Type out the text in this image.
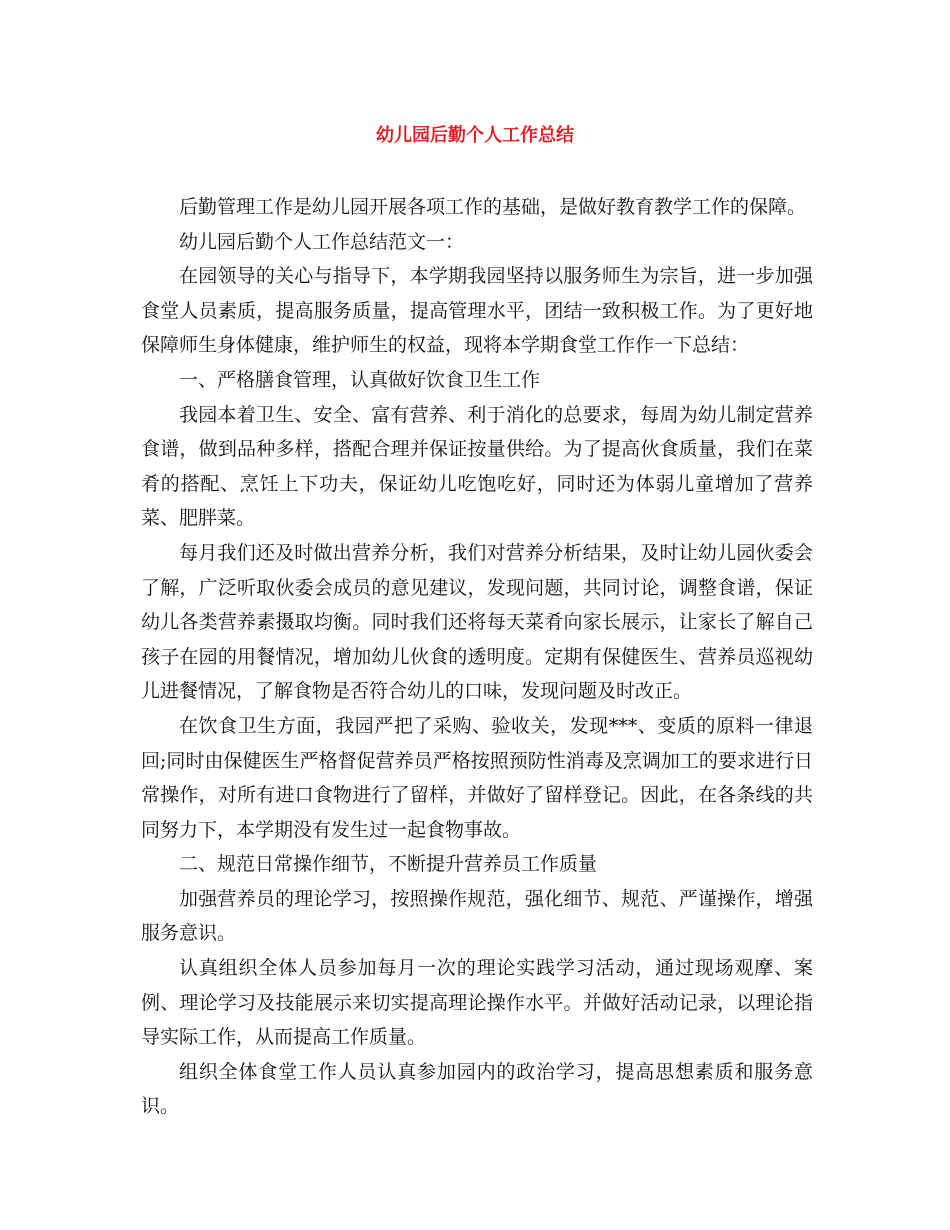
幼儿园后勤个人工作总结

后勤管理工作是幼儿园开展各项工作的基础，是做好教育教学工作的保障。

幼儿园后勤个人工作总结范文一：

在园领导的关心与指导下，本学期我园坚持以服务师生为宗旨，进一步加强食堂人员素质，提高服务质量，提高管理水平，团结一致积极工作。为了更好地保障师生身体健康，维护师生的权益，现将本学期食堂工作作一下总结：

一、严格膳食管理，认真做好饮食卫生工作

我园本着卫生、安全、富有营养、利于消化的总要求，每周为幼儿制定营养食谱，做到品种多样，搭配合理并保证按量供给。为了提高伙食质量，我们在菜肴的搭配、烹饪上下功夫，保证幼儿吃饱吃好，同时还为体弱儿童增加了营养菜、肥胖菜。

每月我们还及时做出营养分析，我们对营养分析结果，及时让幼儿园伙委会了解，广泛听取伙委会成员的意见建议，发现问题，共同讨论，调整食谱，保证幼儿各类营养素摄取均衡。同时我们还将每天菜肴向家长展示，让家长了解自己孩子在园的用餐情况，增加幼儿伙食的透明度。定期有保健医生、营养员巡视幼儿进餐情况，了解食物是否符合幼儿的口味，发现问题及时改正。

在饮食卫生方面，我园严把了采购、验收关，发现***、变质的原料一律退回;同时由保健医生严格督促营养员严格按照预防性消毒及烹调加工的要求进行日常操作，对所有进口食物进行了留样，并做好了留样登记。因此，在各条线的共同努力下，本学期没有发生过一起食物事故。

二、规范日常操作细节，不断提升营养员工作质量

加强营养员的理论学习，按照操作规范，强化细节、规范、严谨操作，增强服务意识。

认真组织全体人员参加每月一次的理论实践学习活动，通过现场观摩、案例、理论学习及技能展示来切实提高理论操作水平。并做好活动记录，以理论指导实际工作，从而提高工作质量。

组织全体食堂工作人员认真参加园内的政治学习，提高思想素质和服务意识。
